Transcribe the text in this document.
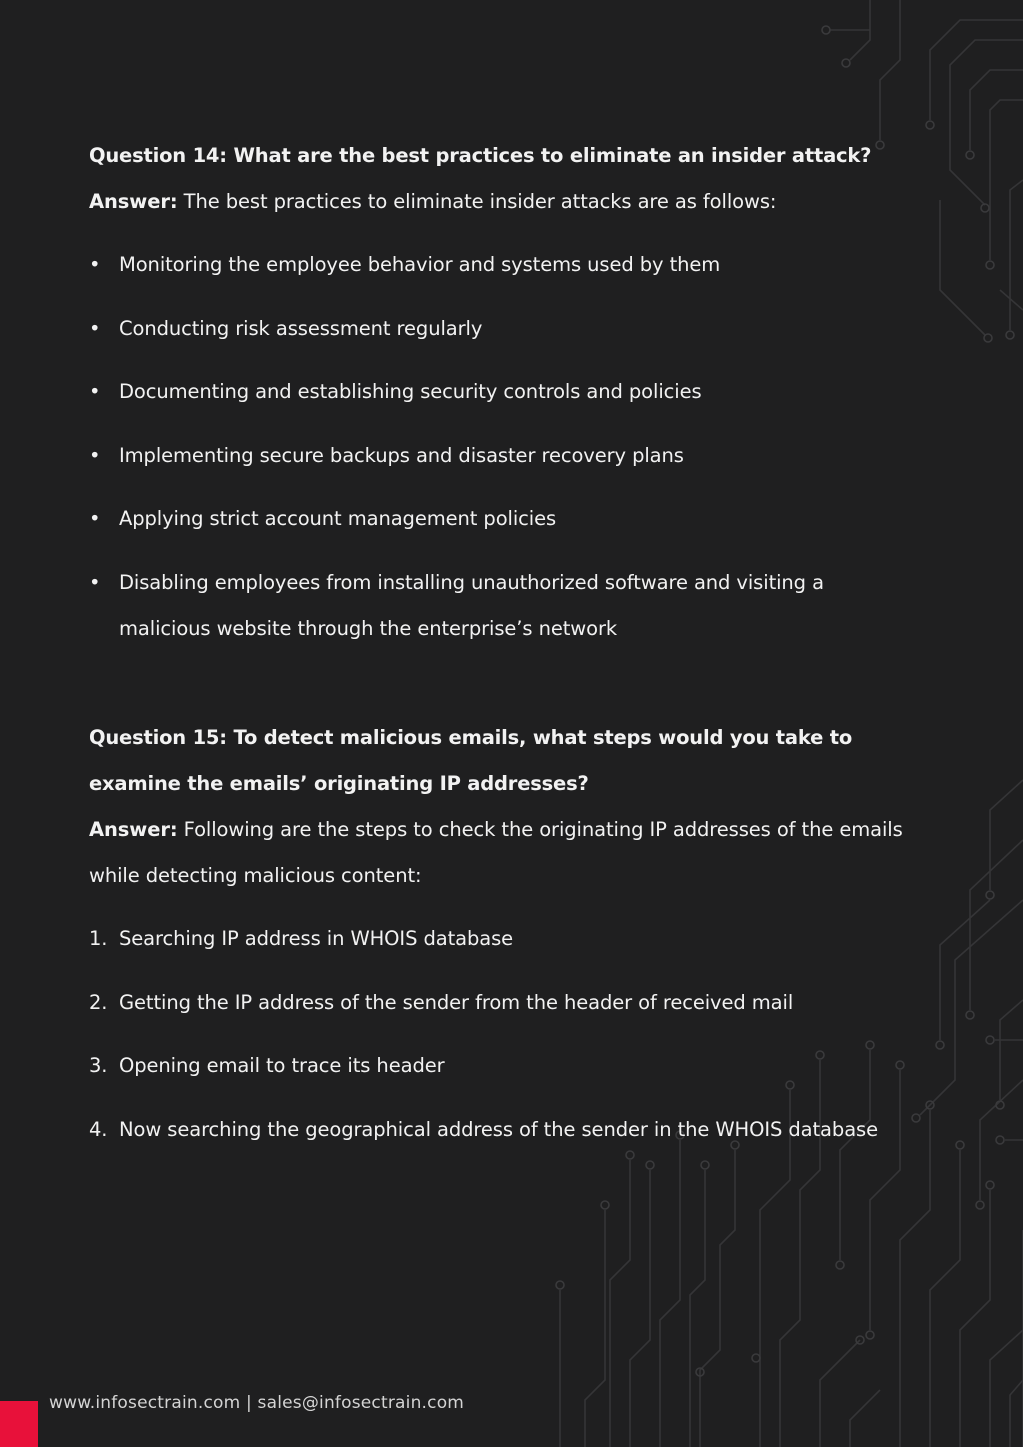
Question 14: What are the best practices to eliminate an insider attack?

Answer: The best practices to eliminate insider attacks are as follows:

• Monitoring the employee behavior and systems used by them
• Conducting risk assessment regularly
• Documenting and establishing security controls and policies
• Implementing secure backups and disaster recovery plans
• Applying strict account management policies
• Disabling employees from installing unauthorized software and visiting a malicious website through the enterprise’s network

Question 15: To detect malicious emails, what steps would you take to examine the emails’ originating IP addresses?

Answer: Following are the steps to check the originating IP addresses of the emails while detecting malicious content:

1. Searching IP address in WHOIS database
2. Getting the IP address of the sender from the header of received mail
3. Opening email to trace its header
4. Now searching the geographical address of the sender in the WHOIS database
www.infosectrain.com | sales@infosectrain.com
